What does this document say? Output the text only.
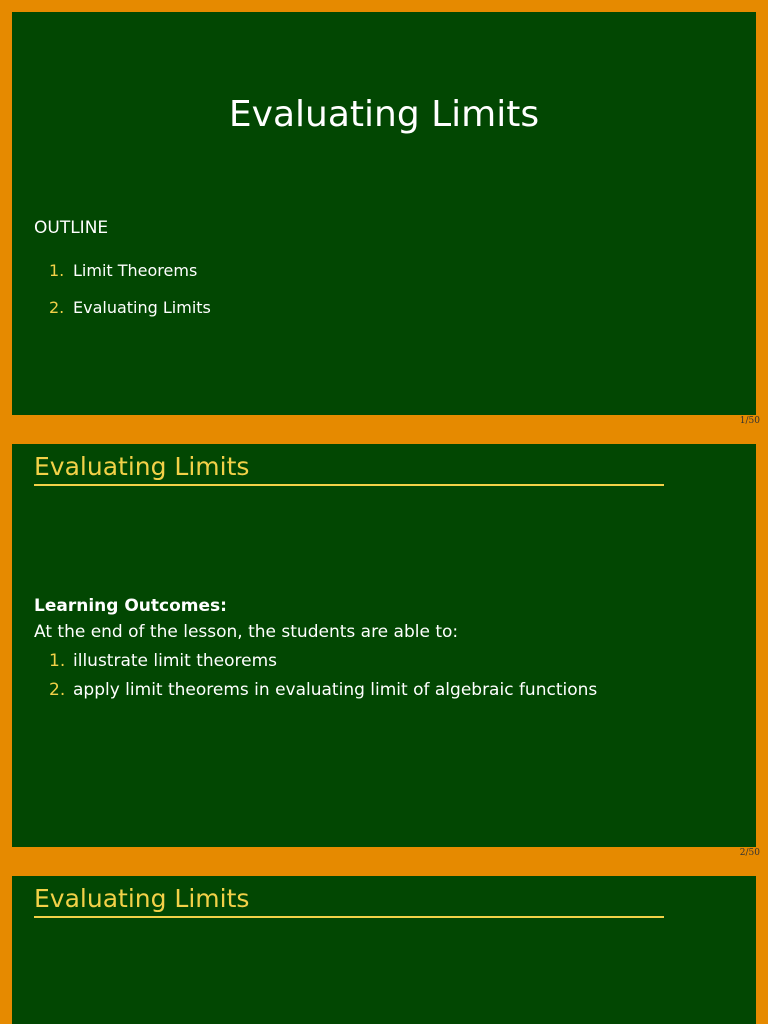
Evaluating Limits
OUTLINE
1. Limit Theorems
2. Evaluating Limits
1/50
Evaluating Limits
Learning Outcomes:
At the end of the lesson, the students are able to:
1. illustrate limit theorems
2. apply limit theorems in evaluating limit of algebraic functions
2/50
Evaluating Limits
